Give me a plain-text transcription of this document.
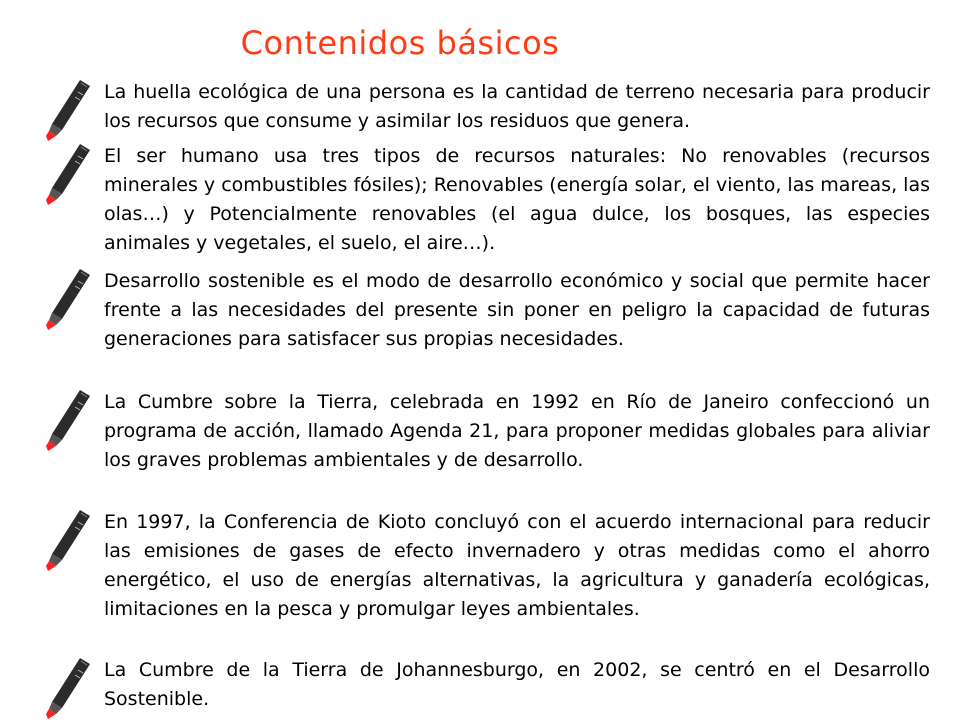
Contenidos básicos

La huella ecológica de una persona es la cantidad de terreno necesaria para producir los recursos que consume y asimilar los residuos que genera.

El ser humano usa tres tipos de recursos naturales: No renovables (recursos minerales y combustibles fósiles); Renovables (energía solar, el viento, las mareas, las olas…) y Potencialmente renovables (el agua dulce, los bosques, las especies animales y vegetales, el suelo, el aire…).

Desarrollo sostenible es el modo de desarrollo económico y social que permite hacer frente a las necesidades del presente sin poner en peligro la capacidad de futuras generaciones para satisfacer sus propias necesidades.

La Cumbre sobre la Tierra, celebrada en 1992 en Río de Janeiro confeccionó un programa de acción, llamado Agenda 21, para proponer medidas globales para aliviar los graves problemas ambientales y de desarrollo.

En 1997, la Conferencia de Kioto concluyó con el acuerdo internacional para reducir las emisiones de gases de efecto invernadero y otras medidas como el ahorro energético, el uso de energías alternativas, la agricultura y ganadería ecológicas, limitaciones en la pesca y promulgar leyes ambientales.

La Cumbre de la Tierra de Johannesburgo, en 2002, se centró en el Desarrollo Sostenible.
